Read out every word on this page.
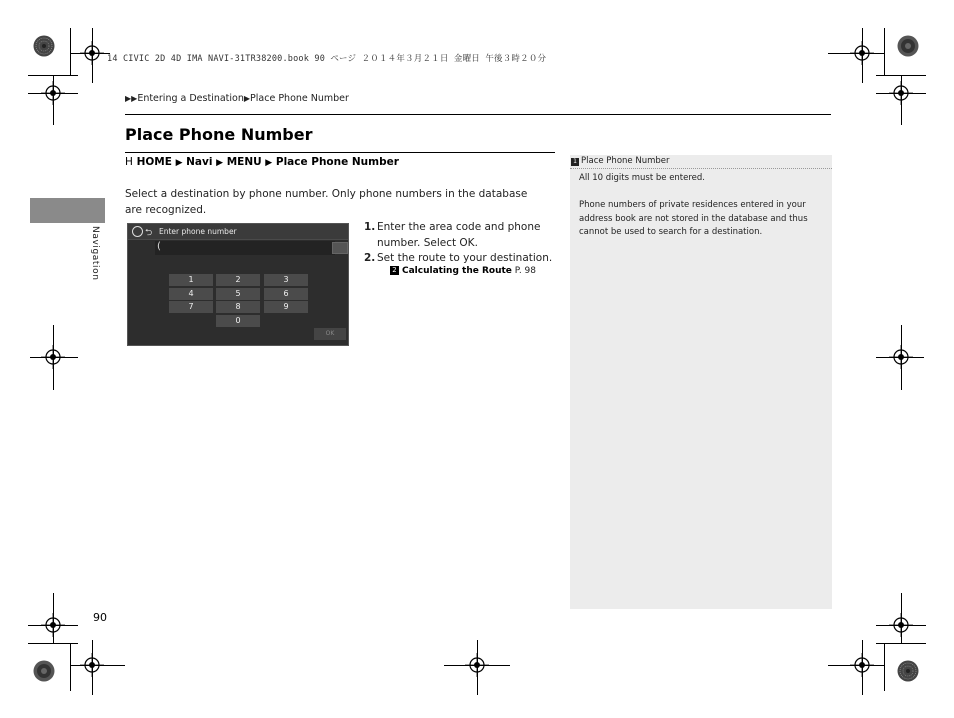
14 CIVIC 2D 4D IMA NAVI-31TR38200.book 90 ページ ２０１４年３月２１日 金曜日 午後３時２０分
▶▶Entering a Destination▶Place Phone Number
Navigation
Place Phone Number
H HOME ▶ Navi ▶ MENU ▶ Place Phone Number
Select a destination by phone number. Only phone numbers in the database are recognized.
⮌ Enter phone number
(
1	2	3
4	5	6
7	8	9
0
OK
1. Enter the area code and phone number. Select OK.
2. Set the route to your destination.
2 Calculating the Route P. 98
1 Place Phone Number
All 10 digits must be entered.
Phone numbers of private residences entered in your address book are not stored in the database and thus cannot be used to search for a destination.
90
